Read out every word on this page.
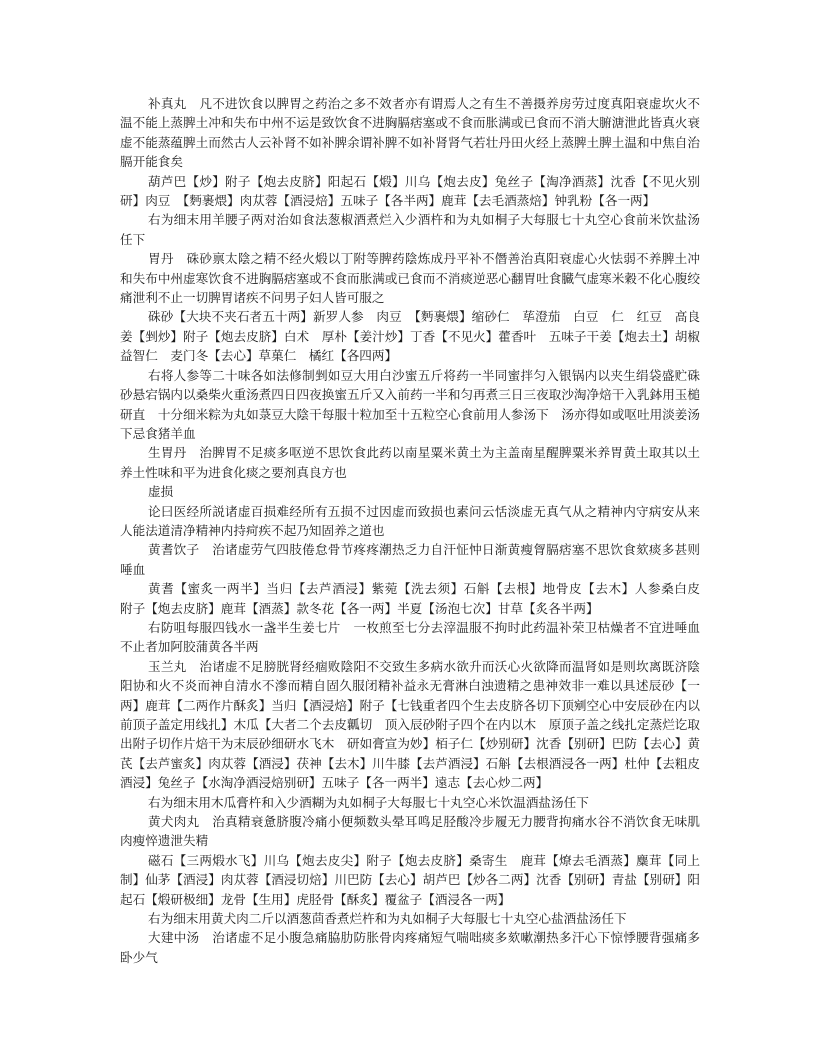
补真丸　凡不进饮食以脾胃之药治之多不效者亦有谓焉人之有生不善摄养房劳过度真阳衰虚坎火不温不能上蒸脾土冲和失布中州不运是致饮食不进胸膈痞塞或不食而胀满或已食而不消大腑溏泄此皆真火衰虚不能蒸蕴脾土而然古人云补肾不如补脾余谓补脾不如补肾肾气若壮丹田火经上蒸脾土脾土温和中焦自治膈开能食矣

葫芦巴【炒】附子【炮去皮脐】阳起石【煅】川乌【炮去皮】兔丝子【淘净酒蒸】沈香【不见火别研】肉豆　【麪裹煨】肉苁蓉【酒浸焙】五味子【各半两】鹿茸【去毛酒蒸焙】钟乳粉【各一两】

右为细末用羊腰子两对治如食法葱椒酒煮烂入少酒杵和为丸如桐子大每服七十丸空心食前米饮盐汤任下

胃丹　硃砂禀太陰之精不经火煅以丁附等脾药陰炼成丹平补不僭善治真阳衰虚心火怯弱不养脾土冲和失布中州虚寒饮食不进胸膈痞塞或不食而胀满或已食而不消痰逆恶心翻胃吐食臓气虚寒米穀不化心腹绞痛泄利不止一切脾胃诸疾不问男子妇人皆可服之

硃砂【大块不夹石者五十两】新罗人参　肉豆　【麪裹煨】缩砂仁　荜澄茄　白豆　仁　红豆　高良姜【剉炒】附子【炮去皮脐】白术　厚朴【姜汁炒】丁香【不见火】藿香叶　五味子干姜【炮去土】胡椒　益智仁　麦门冬【去心】草菓仁　橘红【各四两】

右将人参等二十味各如法修制剉如豆大用白沙蜜五斤将药一半同蜜拌匀入银锅内以夹生绢袋盛贮硃砂悬宕锅内以桑柴火重汤煮四日四夜换蜜五斤又入前药一半和匀再煮三日三夜取沙淘净焙干入乳鉢用玉槌研直　十分细米粽为丸如菉豆大陰干每服十粒加至十五粒空心食前用人参汤下　汤亦得如或呕吐用淡姜汤下忌食猪羊血

生胃丹　治脾胃不足痰多呕逆不思饮食此药以南星粟米黄土为主盖南星醒脾粟米养胃黄土取其以土养土性味和平为进食化痰之要剂真良方也

虚损

论曰医经所説诸虚百损难经所有五损不过因虚而致损也素问云恬淡虚无真气从之精神内守病安从来人能法道清净精神内持疴疾不起乃知固养之道也

黄耆饮子　治诸虚劳气四肢倦怠骨节疼疼潮热乏力自汗怔忡日渐黄瘦胷膈痞塞不思饮食欬痰多甚则唾血

黄耆【蜜炙一两半】当归【去芦酒浸】紫菀【洗去须】石斛【去根】地骨皮【去木】人参桑白皮　附子【炮去皮脐】鹿茸【酒蒸】款冬花【各一两】半夏【汤泡七次】甘草【炙各半两】

右防咀每服四钱水一盏半生姜七片　一枚煎至七分去滓温服不拘时此药温补荣卫枯燥者不宜进唾血不止者加阿胶蒲黄各半两

玉兰丸　治诸虚不足膀胱肾经痼败陰阳不交致生多病水欲升而沃心火欲降而温肾如是则坎离既济陰阳协和火不炎而神自清水不滲而精自固久服闭精补益永无膏淋白浊遗精之患神效非一难以具述辰砂【一两】鹿茸【二两作片酥炙】当归【酒浸焙】附子【七钱重者四个生去皮脐各切下顶剜空心中安辰砂在内以前顶子盖定用线扎】木瓜【大者二个去皮瓤切　顶入辰砂附子四个在内以木　原顶子盖之线扎定蒸烂讫取出附子切作片焙干为末辰砂细研水飞木　研如膏宣为妙】栢子仁【炒别研】沈香【别研】巴防【去心】黄芪【去芦蜜炙】肉苁蓉【酒浸】茯神【去木】川牛膝【去芦酒浸】石斛【去根酒浸各一两】杜仲【去粗皮酒浸】兔丝子【水淘净酒浸焙别研】五味子【各一两半】遠志【去心炒二两】

右为细末用木瓜膏杵和入少酒糊为丸如桐子大每服七十丸空心米饮温酒盐汤任下

黄犬肉丸　治真精衰惫脐腹冷痛小便频数头晕耳鸣足胫酸冷步履无力腰背拘痛水谷不消饮食无味肌肉瘦悴遗泄失精

磁石【三两煅水飞】川乌【炮去皮尖】附子【炮去皮脐】桑寄生　鹿茸【燎去毛酒蒸】麋茸【同上制】仙茅【酒浸】肉苁蓉【酒浸切焙】川巴防【去心】胡芦巴【炒各二两】沈香【别研】青盐【别研】阳起石【煅研极细】龙骨【生用】虎胫骨【酥炙】覆盆子【酒浸各一两】

右为细末用黄犬肉二斤以酒葱茴香煮烂杵和为丸如桐子大每服七十丸空心盐酒盐汤任下

大建中汤　治诸虚不足小腹急痛脇肋防胀骨肉疼痛短气喘咄痰多欬嗽潮热多汗心下惊悸腰背强痛多卧少气
